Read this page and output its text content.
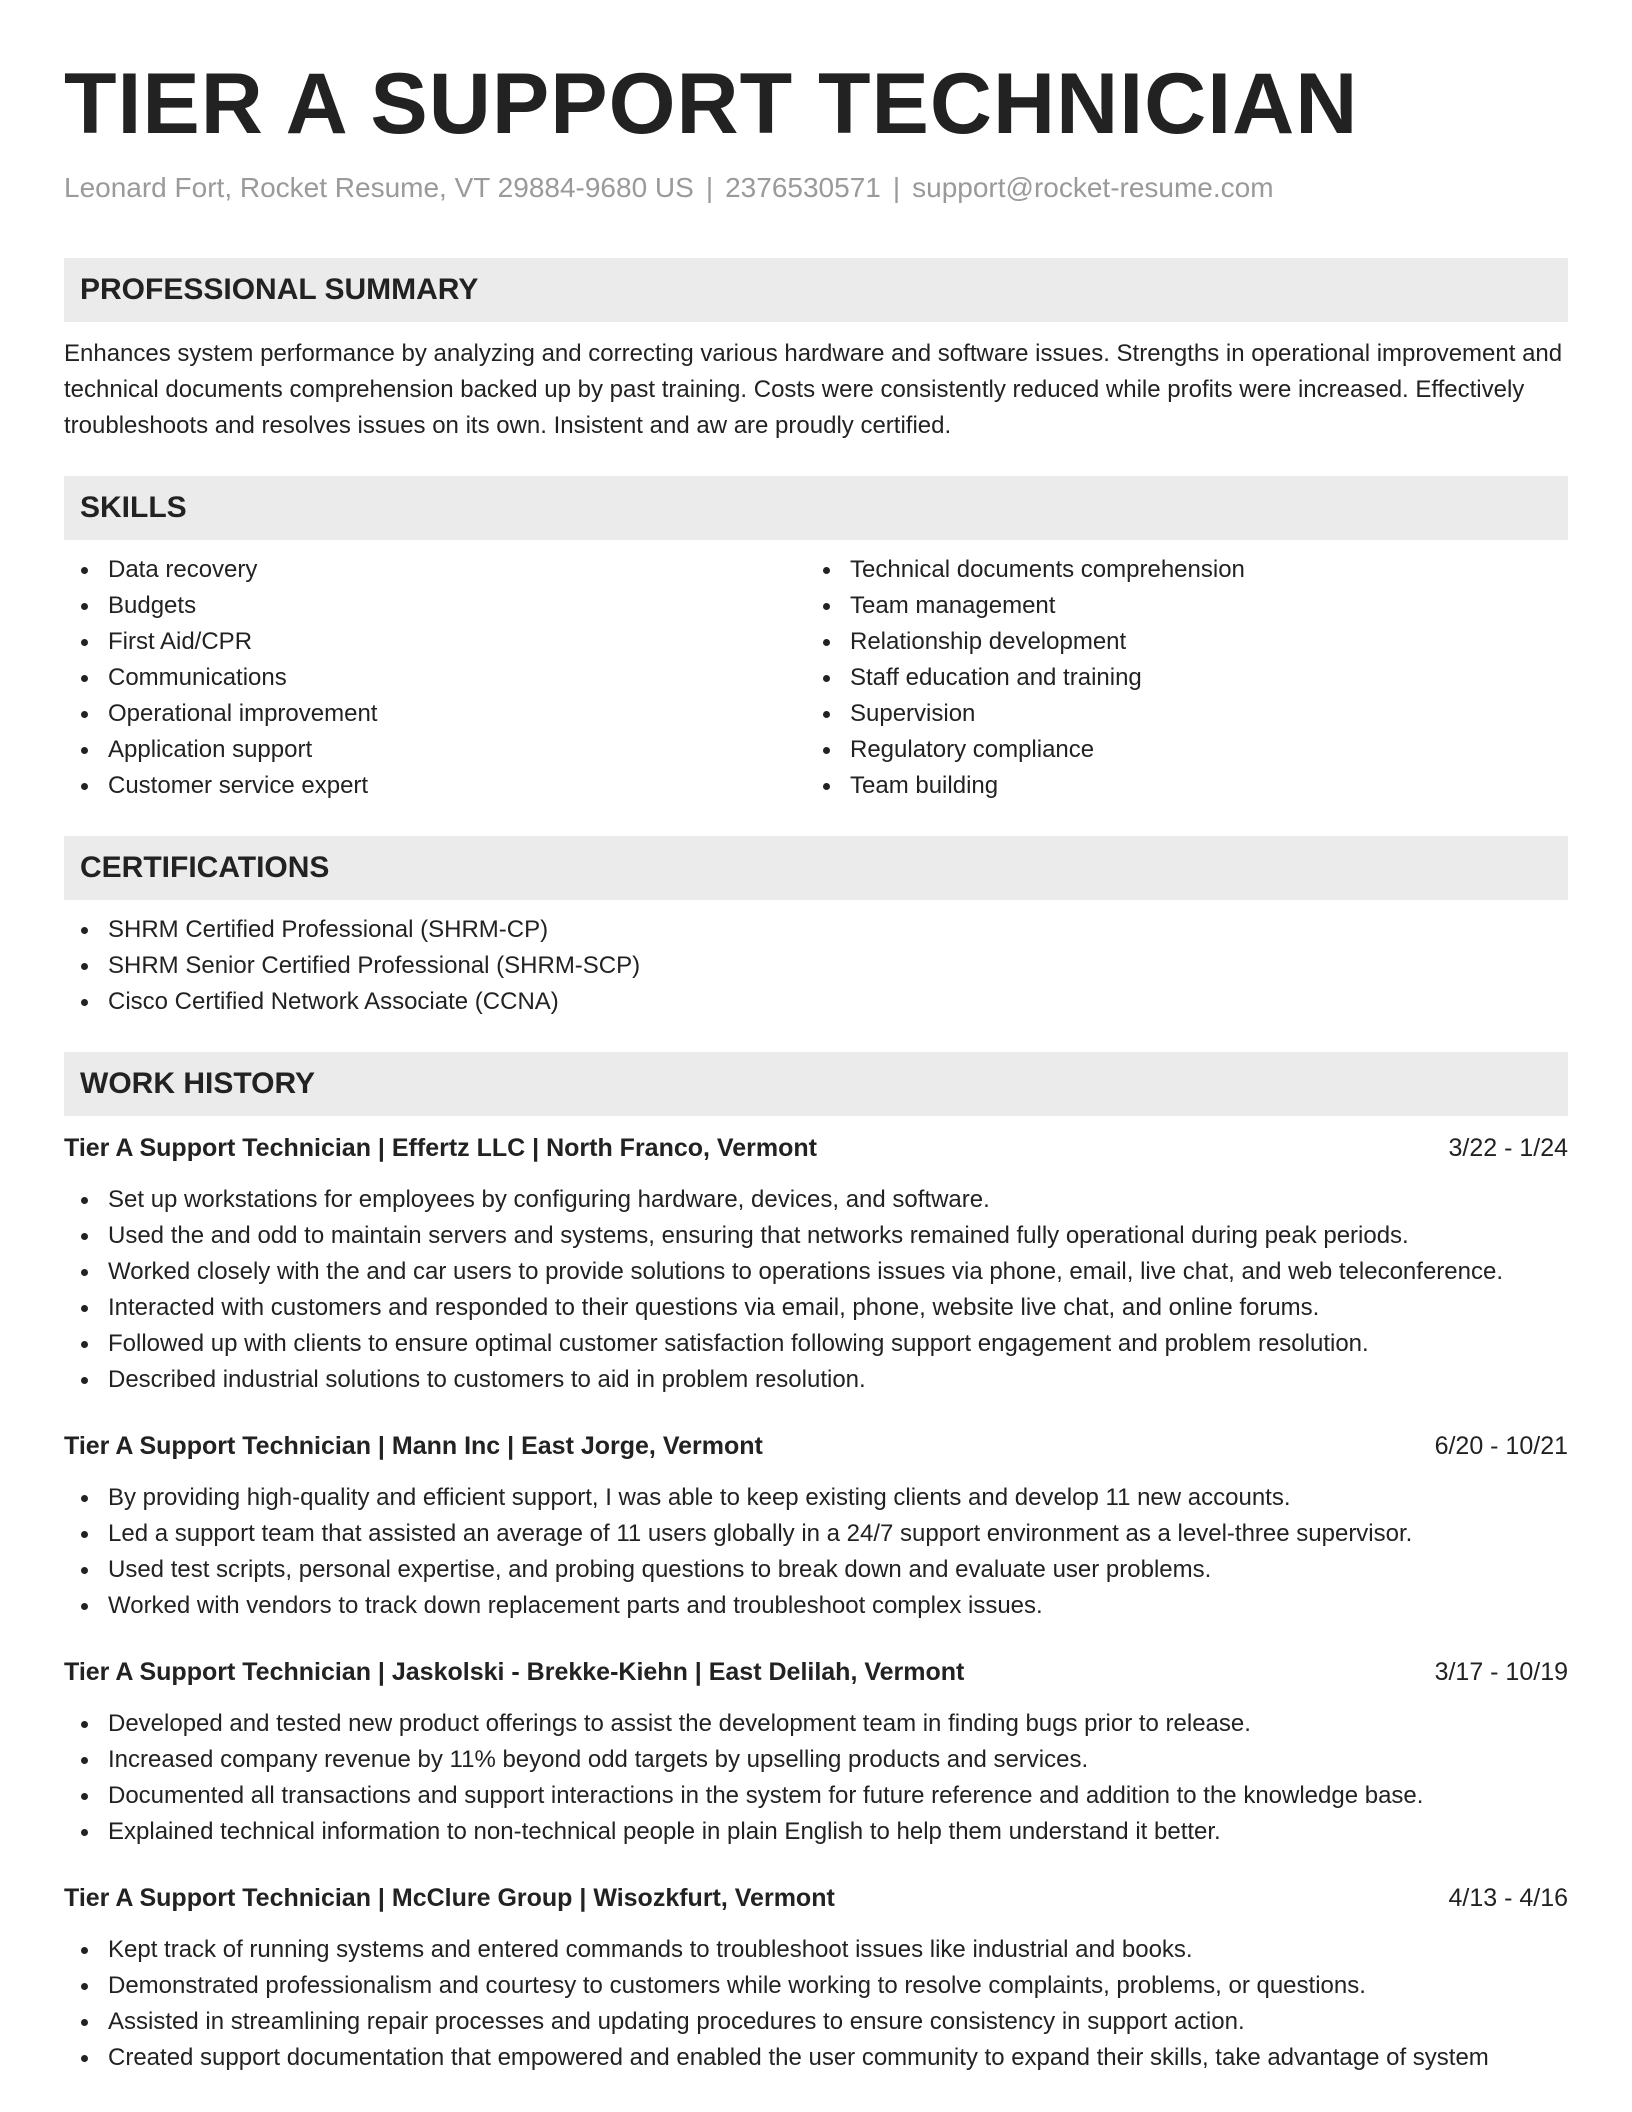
TIER A SUPPORT TECHNICIAN
Leonard Fort, Rocket Resume, VT 29884-9680 US | 2376530571 | support@rocket-resume.com
PROFESSIONAL SUMMARY

Enhances system performance by analyzing and correcting various hardware and software issues. Strengths in operational improvement and technical documents comprehension backed up by past training. Costs were consistently reduced while profits were increased. Effectively troubleshoots and resolves issues on its own. Insistent and aw are proudly certified.

SKILLS
Data recovery
Budgets
First Aid/CPR
Communications
Operational improvement
Application support
Customer service expert
Technical documents comprehension
Team management
Relationship development
Staff education and training
Supervision
Regulatory compliance
Team building
CERTIFICATIONS
SHRM Certified Professional (SHRM-CP)
SHRM Senior Certified Professional (SHRM-SCP)
Cisco Certified Network Associate (CCNA)
WORK HISTORY
Tier A Support Technician | Effertz LLC | North Franco, Vermont	3/22 - 1/24
Set up workstations for employees by configuring hardware, devices, and software.
Used the and odd to maintain servers and systems, ensuring that networks remained fully operational during peak periods.
Worked closely with the and car users to provide solutions to operations issues via phone, email, live chat, and web teleconference.
Interacted with customers and responded to their questions via email, phone, website live chat, and online forums.
Followed up with clients to ensure optimal customer satisfaction following support engagement and problem resolution.
Described industrial solutions to customers to aid in problem resolution.
Tier A Support Technician | Mann Inc | East Jorge, Vermont	6/20 - 10/21
By providing high-quality and efficient support, I was able to keep existing clients and develop 11 new accounts.
Led a support team that assisted an average of 11 users globally in a 24/7 support environment as a level-three supervisor.
Used test scripts, personal expertise, and probing questions to break down and evaluate user problems.
Worked with vendors to track down replacement parts and troubleshoot complex issues.
Tier A Support Technician | Jaskolski - Brekke-Kiehn | East Delilah, Vermont	3/17 - 10/19
Developed and tested new product offerings to assist the development team in finding bugs prior to release.
Increased company revenue by 11% beyond odd targets by upselling products and services.
Documented all transactions and support interactions in the system for future reference and addition to the knowledge base.
Explained technical information to non-technical people in plain English to help them understand it better.
Tier A Support Technician | McClure Group | Wisozkfurt, Vermont	4/13 - 4/16
Kept track of running systems and entered commands to troubleshoot issues like industrial and books.
Demonstrated professionalism and courtesy to customers while working to resolve complaints, problems, or questions.
Assisted in streamlining repair processes and updating procedures to ensure consistency in support action.
Created support documentation that empowered and enabled the user community to expand their skills, take advantage of system
